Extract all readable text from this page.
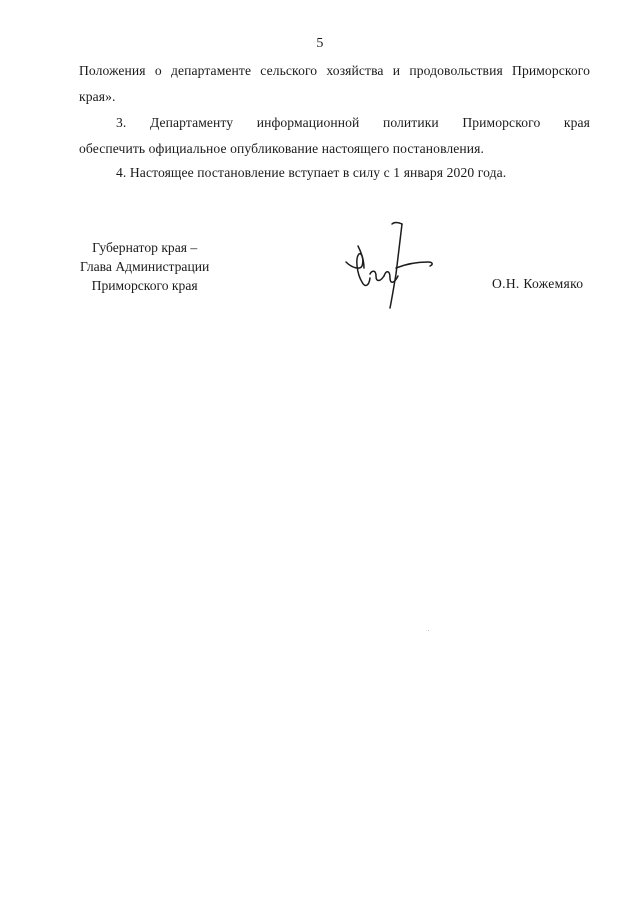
5
Положения о департаменте сельского хозяйства и продовольствия Приморского
края».
3. Департаменту информационной политики Приморского края
обеспечить официальное опубликование настоящего постановления.
4. Настоящее постановление вступает в силу с 1 января 2020 года.
Губернатор края –
Глава Администрации
Приморского края	О.Н. Кожемяко
